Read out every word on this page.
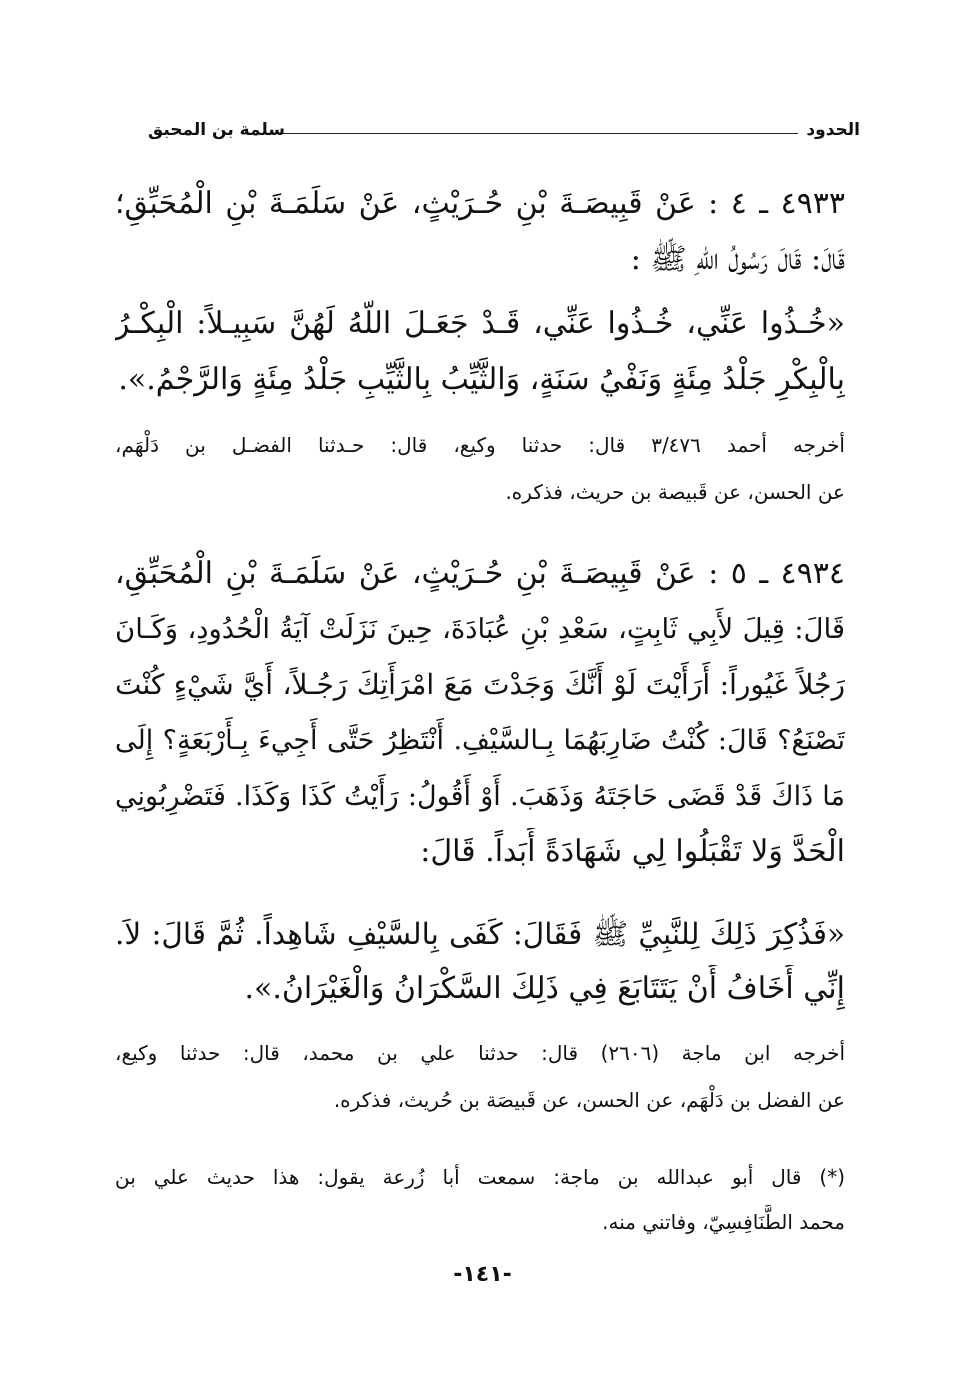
الحدود
سلمة بن المحبق
٤٩٣٣ ـ ٤ : عَنْ قَبِيصَـةَ بْنِ حُـرَيْثٍ، عَنْ سَلَمَـةَ بْنِ الْمُحَبِّقِ؛
قَالَ: قَالَ رَسُولُ اللّهِ ﷺ :
«خُـذُوا عَنِّي، خُـذُوا عَنِّي، قَـدْ جَعَـلَ اللّهُ لَهُنَّ سَبِيـلاً: الْبِكْـرُ
بِالْبِكْرِ جَلْدُ مِئَةٍ وَنَفْيُ سَنَةٍ، وَالثَّيِّبُ بِالثَّيِّبِ جَلْدُ مِئَةٍ وَالرَّجْمُ.».
أخرجه أحمد ٣/٤٧٦ قال: حدثنا وكيع، قال: حـدثنا الفضـل بن دَلْهَم،
عن الحسن، عن قَبيصة بن حريث، فذكره.
٤٩٣٤ ـ ٥ : عَنْ قَبِيصَـةَ بْنِ حُـرَيْثٍ، عَنْ سَلَمَـةَ بْنِ الْمُحَبِّقِ،
قَالَ: قِيلَ لأَبِي ثَابِتٍ، سَعْدِ بْنِ عُبَادَةَ، حِينَ نَزَلَتْ آيَةُ الْحُدُودِ، وَكَـانَ
رَجُلاً غَيُوراً: أَرَأَيْتَ لَوْ أَنَّكَ وَجَدْتَ مَعَ امْرَأَتِكَ رَجُـلاً، أَيَّ شَيْءٍ كُنْتَ
تَصْنَعُ؟ قَالَ: كُنْتُ ضَارِبَهُمَا بِـالسَّيْفِ. أَنْتَظِرُ حَتَّى أَجِيءَ بِـأَرْبَعَةٍ؟ إِلَى
مَا ذَاكَ قَدْ قَضَى حَاجَتَهُ وَذَهَبَ. أَوْ أَقُولُ: رَأَيْتُ كَذَا وَكَذَا. فَتَضْرِبُونِي
الْحَدَّ وَلا تَقْبَلُوا لِي شَهَادَةً أَبَداً. قَالَ:
«فَذُكِرَ ذَلِكَ لِلنَّبِيِّ ﷺ فَقَالَ: كَفَى بِالسَّيْفِ شَاهِداً. ثُمَّ قَالَ: لاَ.
إِنِّي أَخَافُ أَنْ يَتَتَابَعَ فِي ذَلِكَ السَّكْرَانُ وَالْغَيْرَانُ.».
أخرجه ابن ماجة (٢٦٠٦) قال: حدثنا علي بن محمد، قال: حدثنا وكيع،
عن الفضل بن دَلْهَم، عن الحسن، عن قَبيصَة بن حُريث، فذكره.
(*) قال أبو عبدالله بن ماجة: سمعت أبا زُرعة يقول: هذا حديث علي بن
محمد الطَّنَافِسِيّ، وفاتني منه.
-١٤١-
